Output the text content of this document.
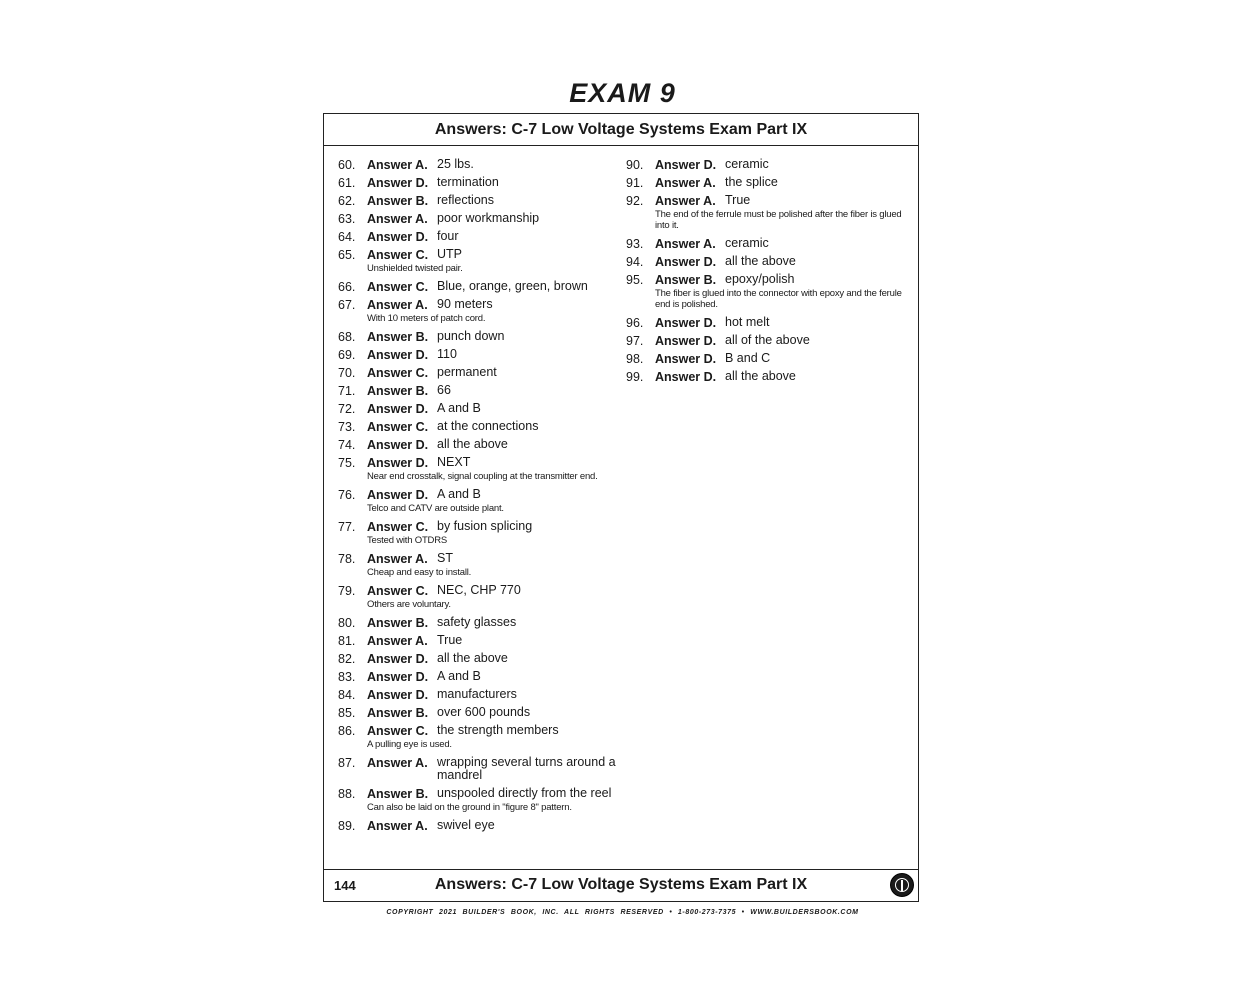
EXAM 9
Answers: C-7 Low Voltage Systems Exam Part IX
60. Answer A. 25 lbs.
61. Answer D. termination
62. Answer B. reflections
63. Answer A. poor workmanship
64. Answer D. four
65. Answer C. UTP
Unshielded twisted pair.
66. Answer C. Blue, orange, green, brown
67. Answer A. 90 meters
With 10 meters of patch cord.
68. Answer B. punch down
69. Answer D. 110
70. Answer C. permanent
71. Answer B. 66
72. Answer D. A and B
73. Answer C. at the connections
74. Answer D. all the above
75. Answer D. NEXT
Near end crosstalk, signal coupling at the transmitter end.
76. Answer D. A and B
Telco and CATV are outside plant.
77. Answer C. by fusion splicing
Tested with OTDRS
78. Answer A. ST
Cheap and easy to install.
79. Answer C. NEC, CHP 770
Others are voluntary.
80. Answer B. safety glasses
81. Answer A. True
82. Answer D. all the above
83. Answer D. A and B
84. Answer D. manufacturers
85. Answer B. over 600 pounds
86. Answer C. the strength members
A pulling eye is used.
87. Answer A. wrapping several turns around a mandrel
88. Answer B. unspooled directly from the reel
Can also be laid on the ground in "figure 8" pattern.
89. Answer A. swivel eye
90. Answer D. ceramic
91. Answer A. the splice
92. Answer A. True
The end of the ferrule must be polished after the fiber is glued into it.
93. Answer A. ceramic
94. Answer D. all the above
95. Answer B. epoxy/polish
The fiber is glued into the connector with epoxy and the ferule end is polished.
96. Answer D. hot melt
97. Answer D. all of the above
98. Answer D. B and C
99. Answer D. all the above
144	Answers: C-7 Low Voltage Systems Exam Part IX
COPYRIGHT 2021 BUILDER'S BOOK, INC. ALL RIGHTS RESERVED • 1-800-273-7375 • WWW.BUILDERSBOOK.COM
